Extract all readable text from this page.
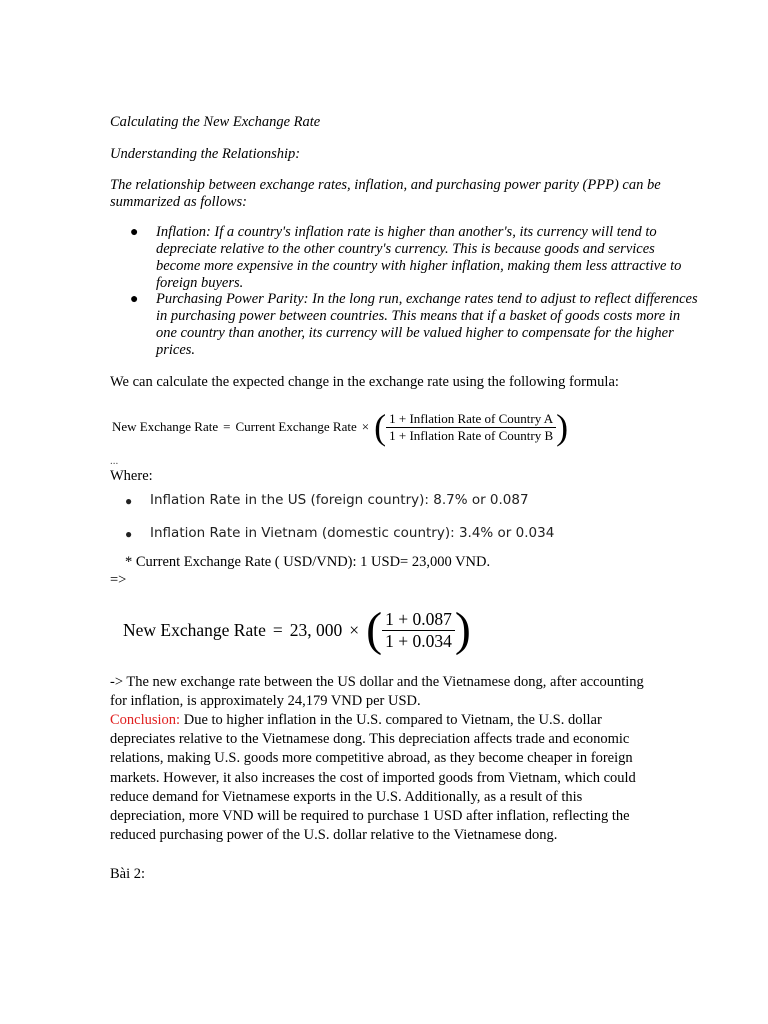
Calculating the New Exchange Rate
Understanding the Relationship:
The relationship between exchange rates, inflation, and purchasing power parity (PPP) can be summarized as follows:
● Inflation: If a country's inflation rate is higher than another's, its currency will tend to depreciate relative to the other country's currency. This is because goods and services become more expensive in the country with higher inflation, making them less attractive to foreign buyers.
● Purchasing Power Parity: In the long run, exchange rates tend to adjust to reflect differences in purchasing power between countries. This means that if a basket of goods costs more in one country than another, its currency will be valued higher to compensate for the higher prices.
We can calculate the expected change in the exchange rate using the following formula:
New Exchange Rate = Current Exchange Rate × ( $\frac{\text{1 + Inflation Rate of Country A}}{\text{1 + Inflation Rate of Country B}}$ )
...
Where:
● Inflation Rate in the US (foreign country): 8.7% or 0.087
● Inflation Rate in Vietnam (domestic country): 3.4% or 0.034
* Current Exchange Rate ( USD/VND): 1 USD= 23,000 VND.
=>
New Exchange Rate = 23, 000 × ( $\frac{1 + 0.087}{1 + 0.034}$ )
-> The new exchange rate between the US dollar and the Vietnamese dong, after accounting
for inflation, is approximately 24,179 VND per USD.
Conclusion: Due to higher inflation in the U.S. compared to Vietnam, the U.S. dollar
depreciates relative to the Vietnamese dong. This depreciation affects trade and economic
relations, making U.S. goods more competitive abroad, as they become cheaper in foreign
markets. However, it also increases the cost of imported goods from Vietnam, which could
reduce demand for Vietnamese exports in the U.S. Additionally, as a result of this
depreciation, more VND will be required to purchase 1 USD after inflation, reflecting the
reduced purchasing power of the U.S. dollar relative to the Vietnamese dong.
Bài 2:
